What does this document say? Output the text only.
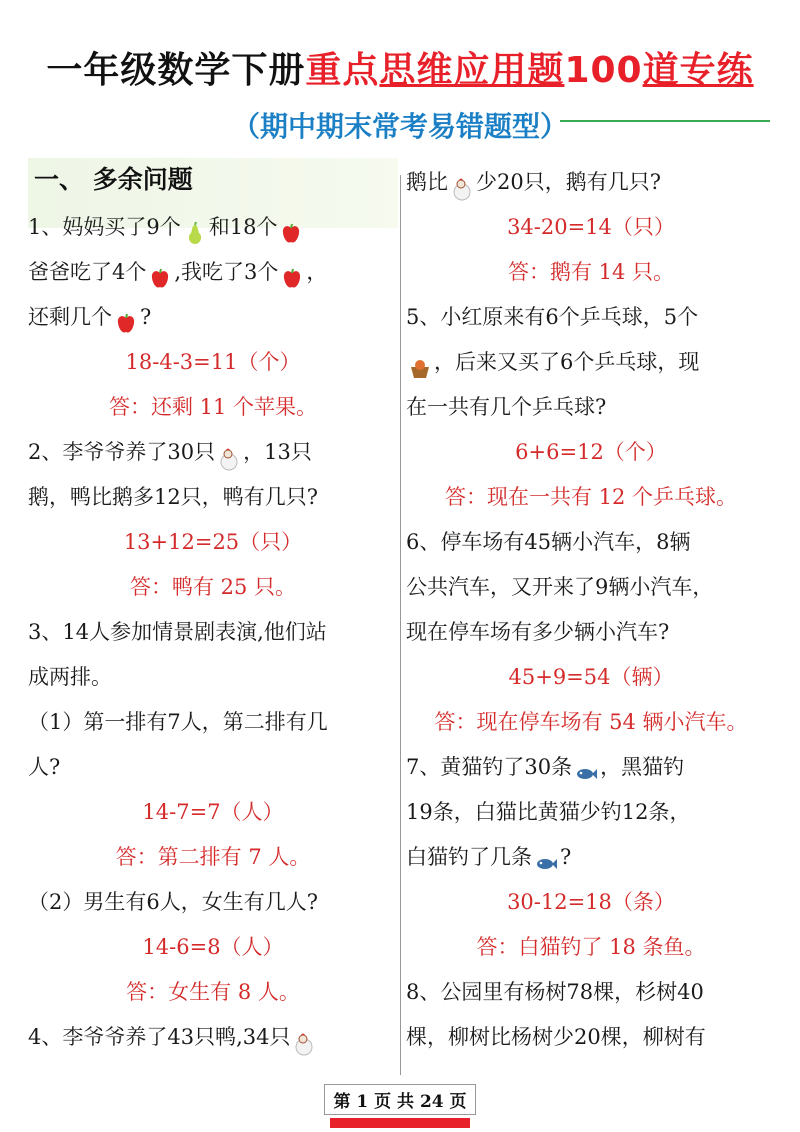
一年级数学下册重点思维应用题100道专练
（期中期末常考易错题型）
一、 多余问题
1、妈妈买了9个 和18个
爸爸吃了4个 ,我吃了3个 ，
还剩几个 ?
18-4-3=11（个）
答：还剩 11 个苹果。
2、李爷爷养了30只 ，13只
鹅，鸭比鹅多12只，鸭有几只?
13+12=25（只）
答：鸭有 25 只。
3、14人参加情景剧表演,他们站
成两排。
（1）第一排有7人，第二排有几
人?
14-7=7（人）
答：第二排有 7 人。
（2）男生有6人，女生有几人?
14-6=8（人）
答：女生有 8 人。
4、李爷爷养了43只鸭,34只
鹅比 少20只，鹅有几只?
34-20=14（只）
答：鹅有 14 只。
5、小红原来有6个乒乓球，5个
，后来又买了6个乒乓球，现
在一共有几个乒乓球?
6+6=12（个）
答：现在一共有 12 个乒乓球。
6、停车场有45辆小汽车，8辆
公共汽车，又开来了9辆小汽车，
现在停车场有多少辆小汽车?
45+9=54（辆）
答：现在停车场有 54 辆小汽车。
7、黄猫钓了30条 ，黑猫钓
19条，白猫比黄猫少钓12条，
白猫钓了几条 ?
30-12=18（条）
答：白猫钓了 18 条鱼。
8、公园里有杨树78棵，杉树40
棵，柳树比杨树少20棵，柳树有
第 1 页 共 24 页
